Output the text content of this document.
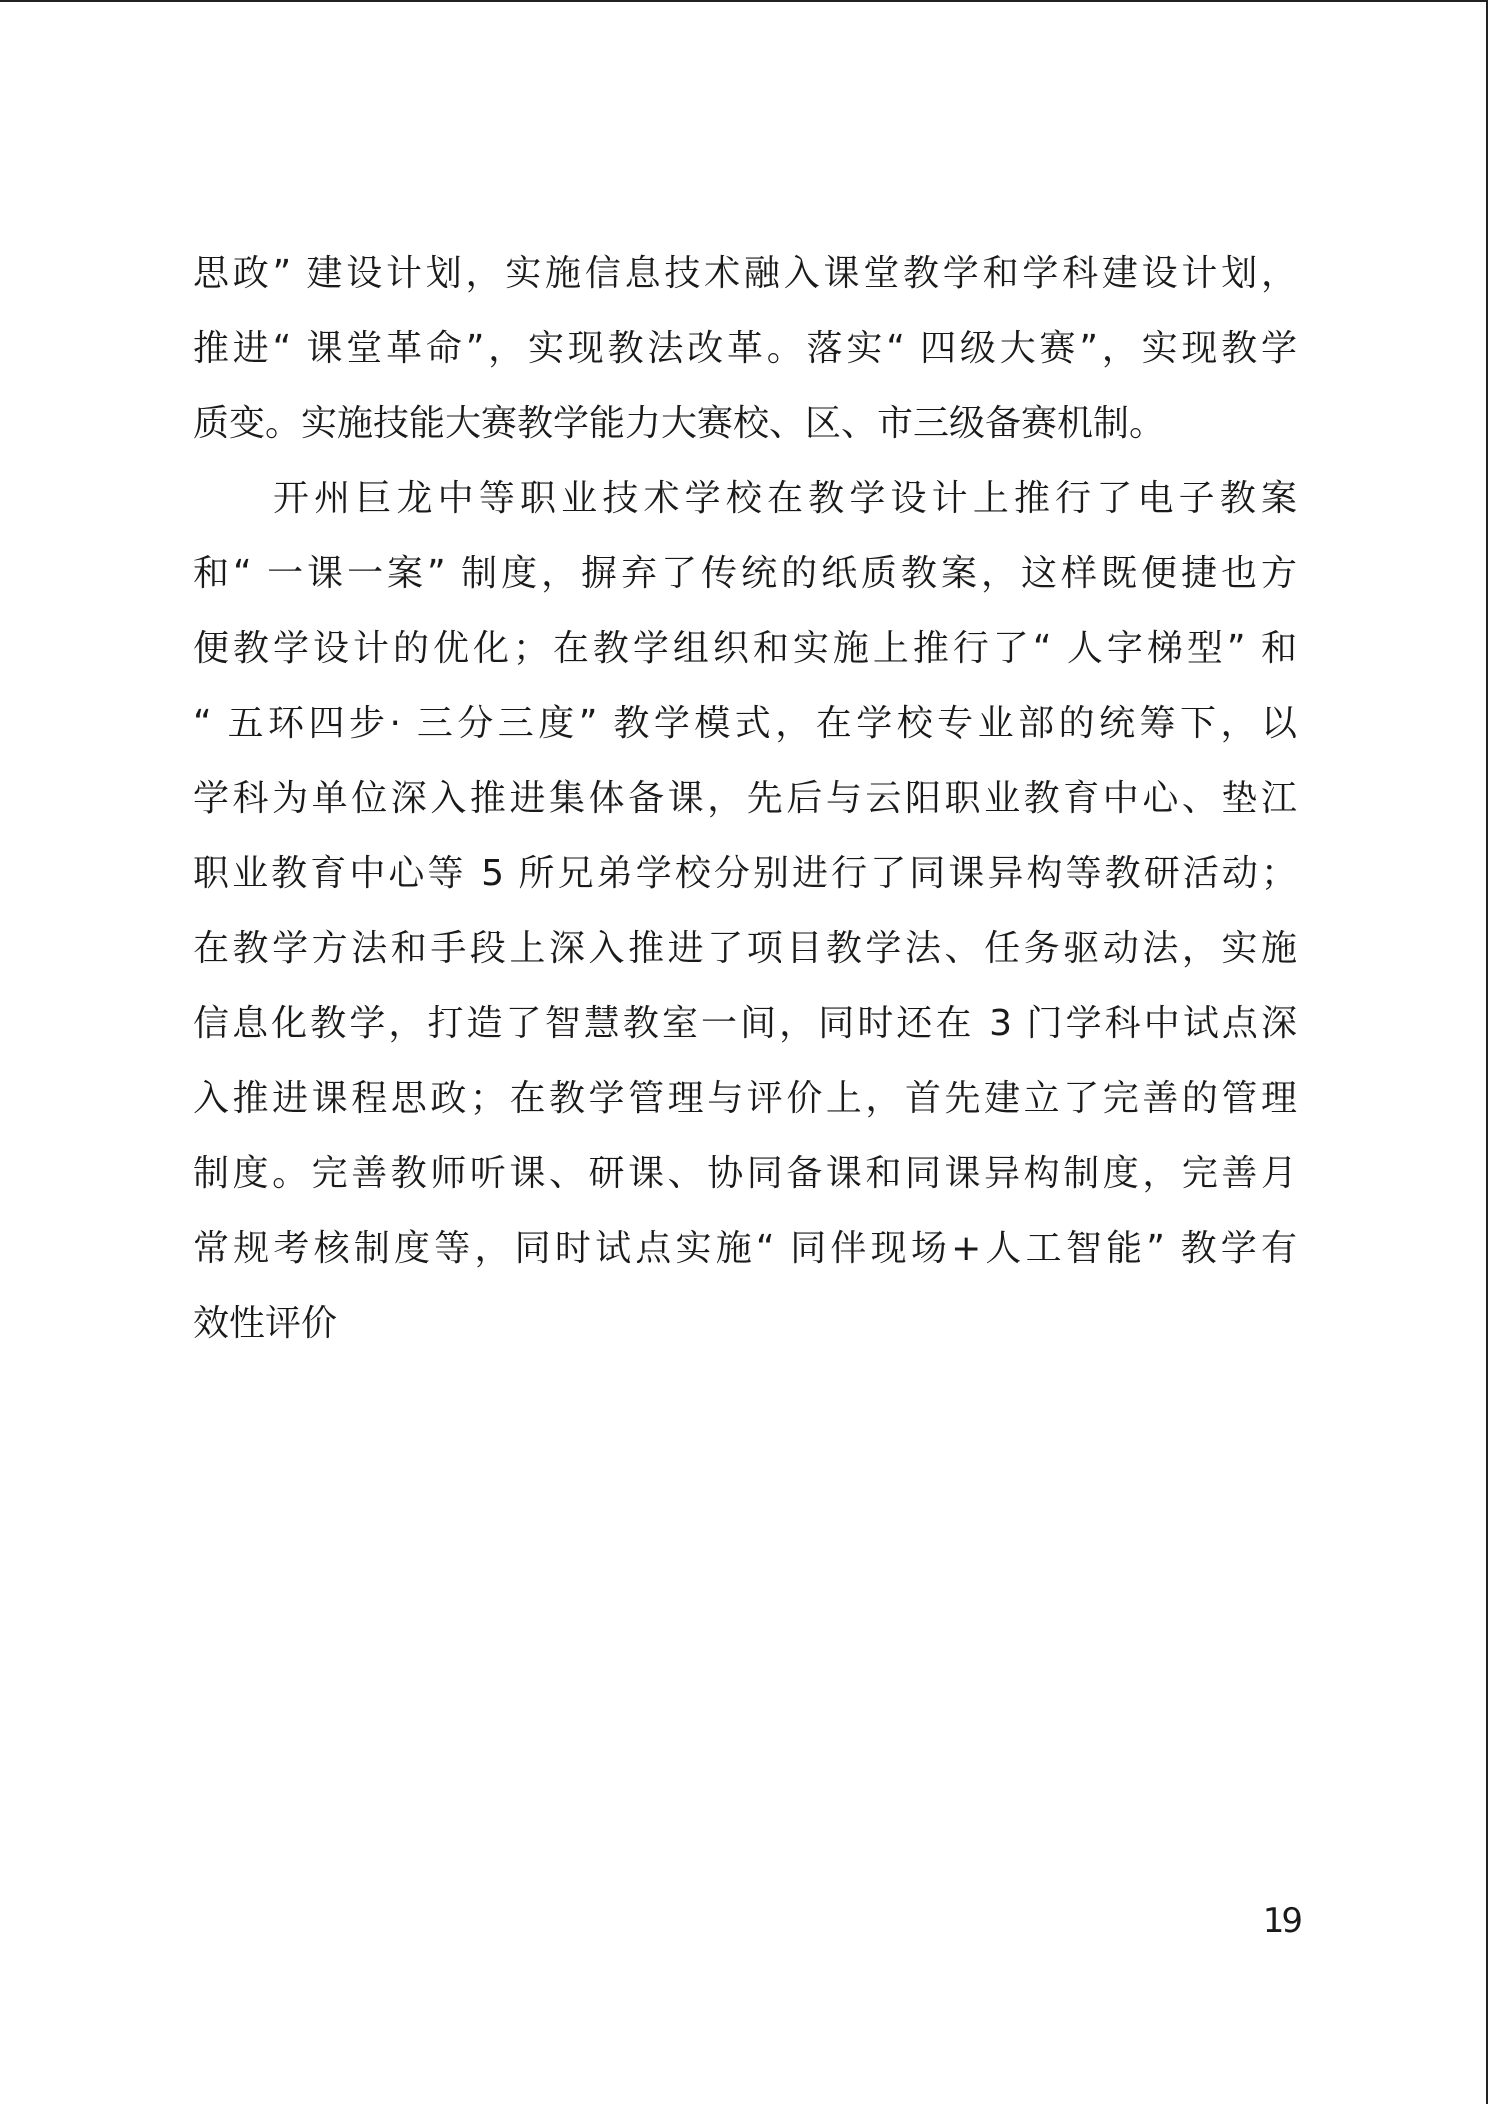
思政” 建设计划，实施信息技术融入课堂教学和学科建设计划，
推进“ 课堂革命”，实现教法改革。落实“ 四级大赛”，实现教学
质变。实施技能大赛教学能力大赛校、区、市三级备赛机制。
开州巨龙中等职业技术学校在教学设计上推行了电子教案
和“ 一课一案” 制度，摒弃了传统的纸质教案，这样既便捷也方
便教学设计的优化；在教学组织和实施上推行了“ 人字梯型” 和
“ 五环四步· 三分三度” 教学模式，在学校专业部的统筹下，以
学科为单位深入推进集体备课，先后与云阳职业教育中心、垫江
职业教育中心等 5 所兄弟学校分别进行了同课异构等教研活动；
在教学方法和手段上深入推进了项目教学法、任务驱动法，实施
信息化教学，打造了智慧教室一间，同时还在 3 门学科中试点深
入推进课程思政；在教学管理与评价上，首先建立了完善的管理
制度。完善教师听课、研课、协同备课和同课异构制度，完善月
常规考核制度等，同时试点实施“ 同伴现场+人工智能” 教学有
效性评价
19
